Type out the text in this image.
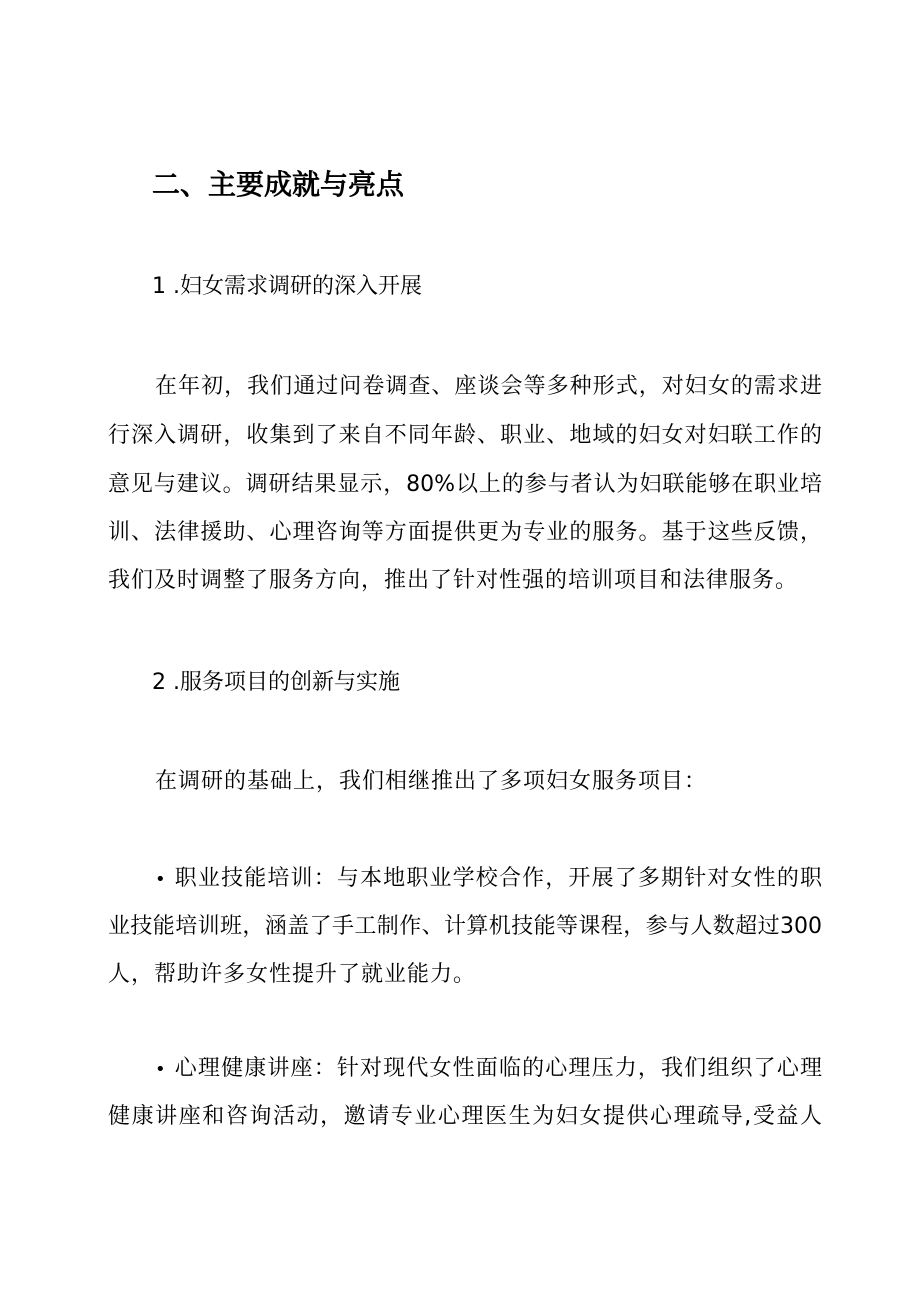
二、主要成就与亮点
1 .妇女需求调研的深入开展
在年初，我们通过问卷调查、座谈会等多种形式，对妇女的需求进
行深入调研，收集到了来自不同年龄、职业、地域的妇女对妇联工作的
意见与建议。调研结果显示，80%以上的参与者认为妇联能够在职业培
训、法律援助、心理咨询等方面提供更为专业的服务。基于这些反馈，
我们及时调整了服务方向，推出了针对性强的培训项目和法律服务。
2 .服务项目的创新与实施
在调研的基础上，我们相继推出了多项妇女服务项目：
• 职业技能培训：与本地职业学校合作，开展了多期针对女性的职
业技能培训班，涵盖了手工制作、计算机技能等课程，参与人数超过300
人，帮助许多女性提升了就业能力。
• 心理健康讲座：针对现代女性面临的心理压力，我们组织了心理
健康讲座和咨询活动，邀请专业心理医生为妇女提供心理疏导,受益人
